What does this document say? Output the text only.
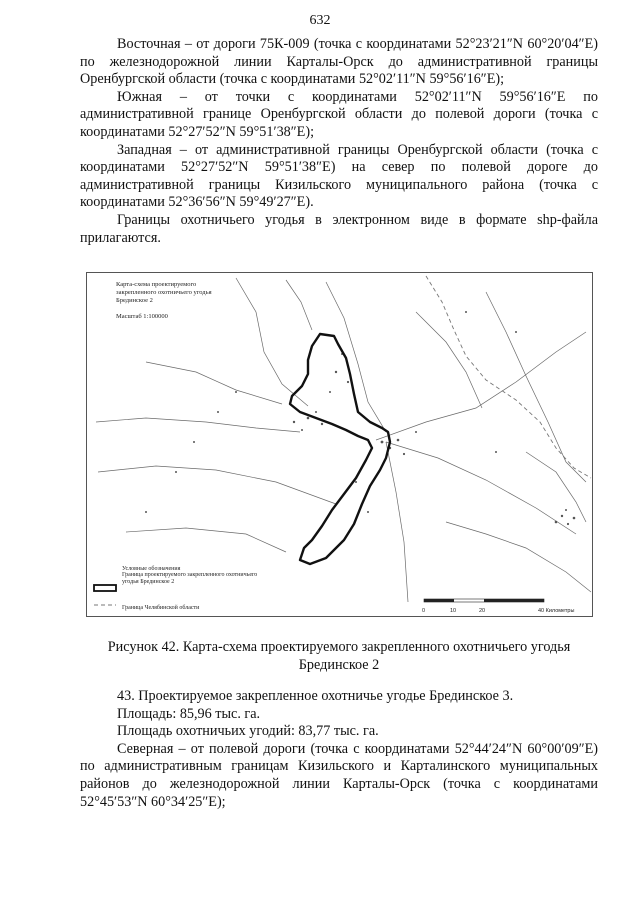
632

Восточная – от дороги 75К-009 (точка с координатами 52°23′21″N 60°20′04″E) по железнодорожной линии Карталы-Орск до административной границы Оренбургской области (точка с координатами 52°02′11″N 59°56′16″E);

Южная – от точки с координатами 52°02′11″N 59°56′16″E по административной границе Оренбургской области до полевой дороги (точка с координатами 52°27′52″N 59°51′38″E);

Западная – от административной границы Оренбургской области (точка с координатами 52°27′52″N 59°51′38″E) на север по полевой дороге до административной границы Кизильского муниципального района (точка с координатами 52°36′56″N 59°49′27″E).

Границы охотничьего угодья в электронном виде в формате shp-файла прилагаются.

Карта-схема проектируемого
закрепленного охотничьего угодья
Брединское 2
Масштаб 1:100000
Условные обозначения
Граница проектируемого закрепленного охотничьего угодья Брединское 2
Граница Челябинской области	0	10	20	40 Километры
Рисунок 42. Карта-схема проектируемого закрепленного охотничьего угодья
Брединское 2

43. Проектируемое закрепленное охотничье угодье Брединское 3.

Площадь: 85,96 тыс. га.

Площадь охотничьих угодий: 83,77 тыс. га.

Северная – от полевой дороги (точка с координатами 52°44′24″N 60°00′09″E) по административным границам Кизильского и Карталинского муниципальных районов до железнодорожной линии Карталы-Орск (точка с координатами 52°45′53″N 60°34′25″E);
